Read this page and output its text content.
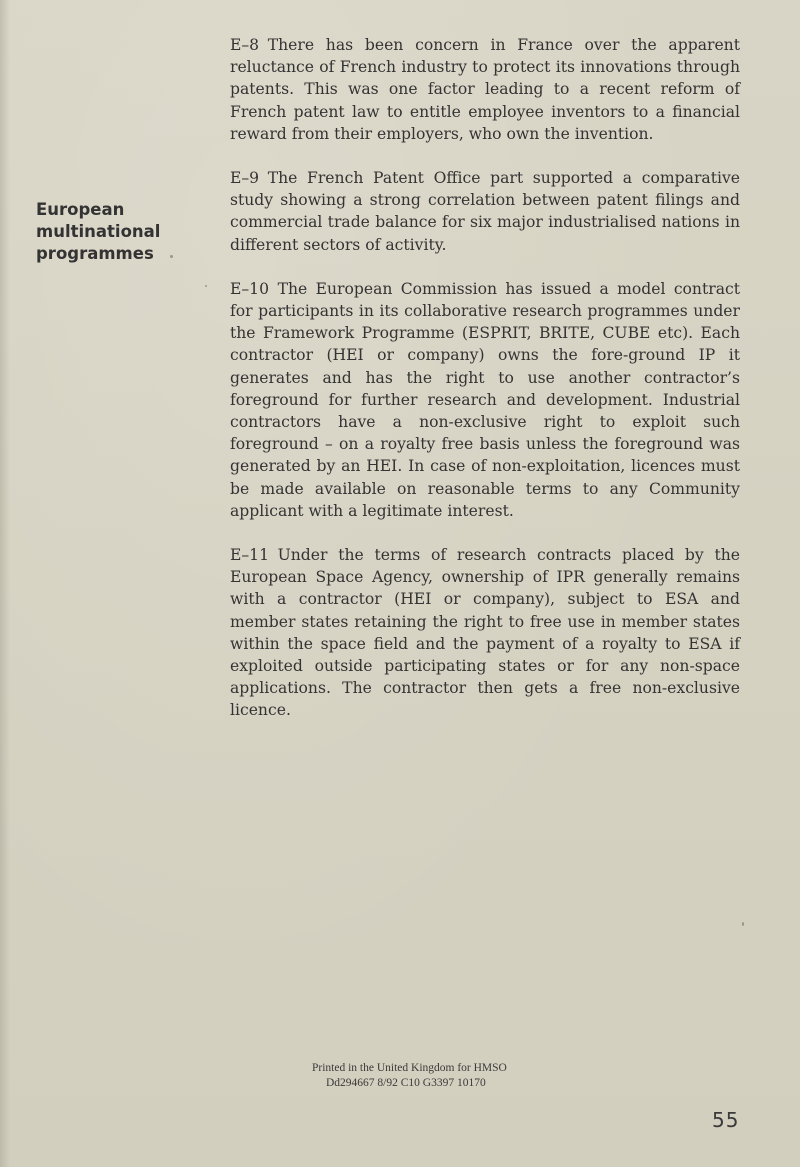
European multinational programmes

E–8 There has been concern in France over the apparent reluctance of French industry to protect its innovations through patents. This was one factor leading to a recent reform of French patent law to entitle employee inventors to a financial reward from their employers, who own the invention.

E–9 The French Patent Office part supported a comparative study showing a strong correlation between patent filings and commercial trade balance for six major industrialised nations in different sectors of activity.

E–10 The European Commission has issued a model contract for participants in its collaborative research programmes under the Framework Programme (ESPRIT, BRITE, CUBE etc). Each contractor (HEI or company) owns the fore-ground IP it generates and has the right to use another contractor’s foreground for further research and development. Industrial contractors have a non-exclusive right to exploit such foreground – on a royalty free basis unless the foreground was generated by an HEI. In case of non-exploitation, licences must be made available on reasonable terms to any Community applicant with a legitimate interest.

E–11 Under the terms of research contracts placed by the European Space Agency, ownership of IPR generally remains with a contractor (HEI or company), subject to ESA and member states retaining the right to free use in member states within the space field and the payment of a royalty to ESA if exploited outside participating states or for any non-space applications. The contractor then gets a free non-exclusive licence.

Printed in the United Kingdom for HMSO
Dd294667 8/92 C10 G3397 10170
55
